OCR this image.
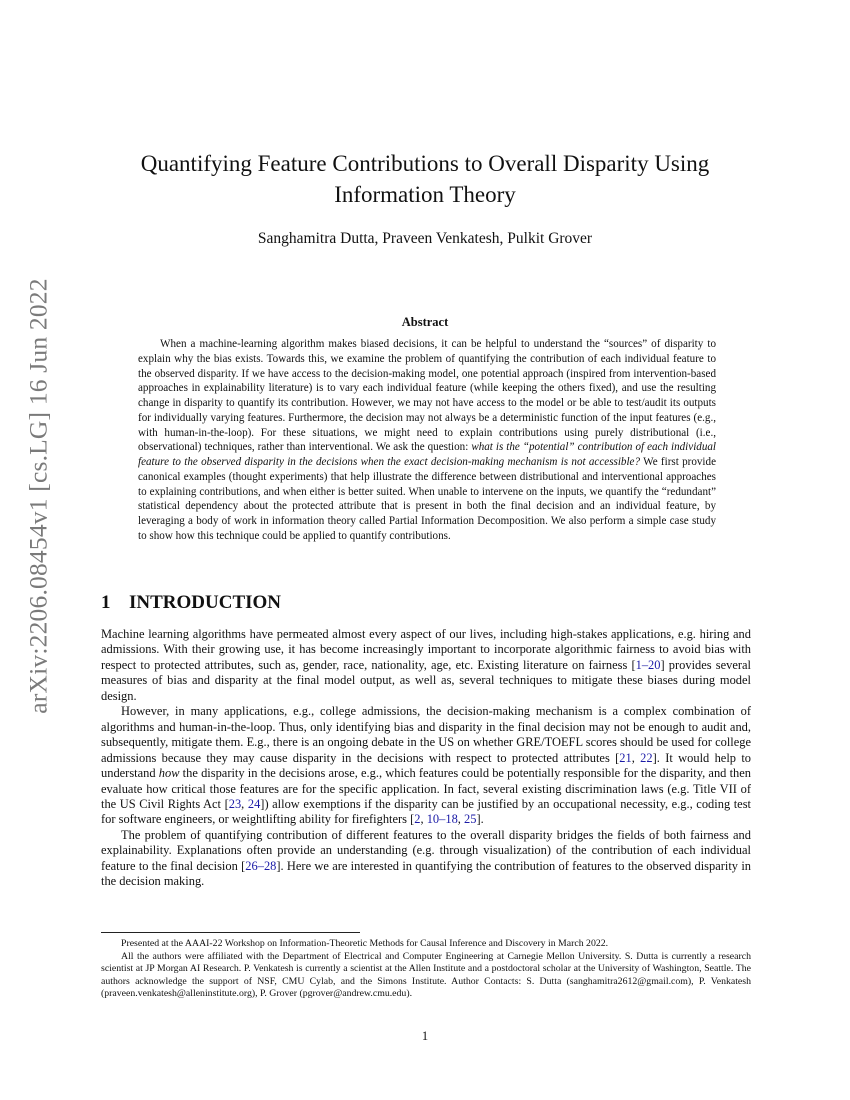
arXiv:2206.08454v1 [cs.LG] 16 Jun 2022
Quantifying Feature Contributions to Overall Disparity Using Information Theory
Sanghamitra Dutta, Praveen Venkatesh, Pulkit Grover
Abstract

When a machine-learning algorithm makes biased decisions, it can be helpful to understand the “sources” of disparity to explain why the bias exists. Towards this, we examine the problem of quantifying the contribution of each individual feature to the observed disparity. If we have access to the decision-making model, one potential approach (inspired from intervention-based approaches in explainability literature) is to vary each individual feature (while keeping the others fixed), and use the resulting change in disparity to quantify its contribution. However, we may not have access to the model or be able to test/audit its outputs for individually varying features. Furthermore, the decision may not always be a deterministic function of the input features (e.g., with human-in-the-loop). For these situations, we might need to explain contributions using purely distributional (i.e., observational) techniques, rather than interventional. We ask the question: what is the “potential” contribution of each individual feature to the observed disparity in the decisions when the exact decision-making mechanism is not accessible? We first provide canonical examples (thought experiments) that help illustrate the difference between distributional and interventional approaches to explaining contributions, and when either is better suited. When unable to intervene on the inputs, we quantify the “redundant” statistical dependency about the protected attribute that is present in both the final decision and an individual feature, by leveraging a body of work in information theory called Partial Information Decomposition. We also perform a simple case study to show how this technique could be applied to quantify contributions.

1 INTRODUCTION

Machine learning algorithms have permeated almost every aspect of our lives, including high-stakes applications, e.g. hiring and admissions. With their growing use, it has become increasingly important to incorporate algorithmic fairness to avoid bias with respect to protected attributes, such as, gender, race, nationality, age, etc. Existing literature on fairness [1–20] provides several measures of bias and disparity at the final model output, as well as, several techniques to mitigate these biases during model design.

However, in many applications, e.g., college admissions, the decision-making mechanism is a complex combination of algorithms and human-in-the-loop. Thus, only identifying bias and disparity in the final decision may not be enough to audit and, subsequently, mitigate them. E.g., there is an ongoing debate in the US on whether GRE/TOEFL scores should be used for college admissions because they may cause disparity in the decisions with respect to protected attributes [21, 22]. It would help to understand how the disparity in the decisions arose, e.g., which features could be potentially responsible for the disparity, and then evaluate how critical those features are for the specific application. In fact, several existing discrimination laws (e.g. Title VII of the US Civil Rights Act [23, 24]) allow exemptions if the disparity can be justified by an occupational necessity, e.g., coding test for software engineers, or weightlifting ability for firefighters [2, 10–18, 25].

The problem of quantifying contribution of different features to the overall disparity bridges the fields of both fairness and explainability. Explanations often provide an understanding (e.g. through visualization) of the contribution of each individual feature to the final decision [26–28]. Here we are interested in quantifying the contribution of features to the observed disparity in the decision making.

Presented at the AAAI-22 Workshop on Information-Theoretic Methods for Causal Inference and Discovery in March 2022.

All the authors were affiliated with the Department of Electrical and Computer Engineering at Carnegie Mellon University. S. Dutta is currently a research scientist at JP Morgan AI Research. P. Venkatesh is currently a scientist at the Allen Institute and a postdoctoral scholar at the University of Washington, Seattle. The authors acknowledge the support of NSF, CMU Cylab, and the Simons Institute. Author Contacts: S. Dutta (sanghamitra2612@gmail.com), P. Venkatesh (praveen.venkatesh@alleninstitute.org), P. Grover (pgrover@andrew.cmu.edu).

1
